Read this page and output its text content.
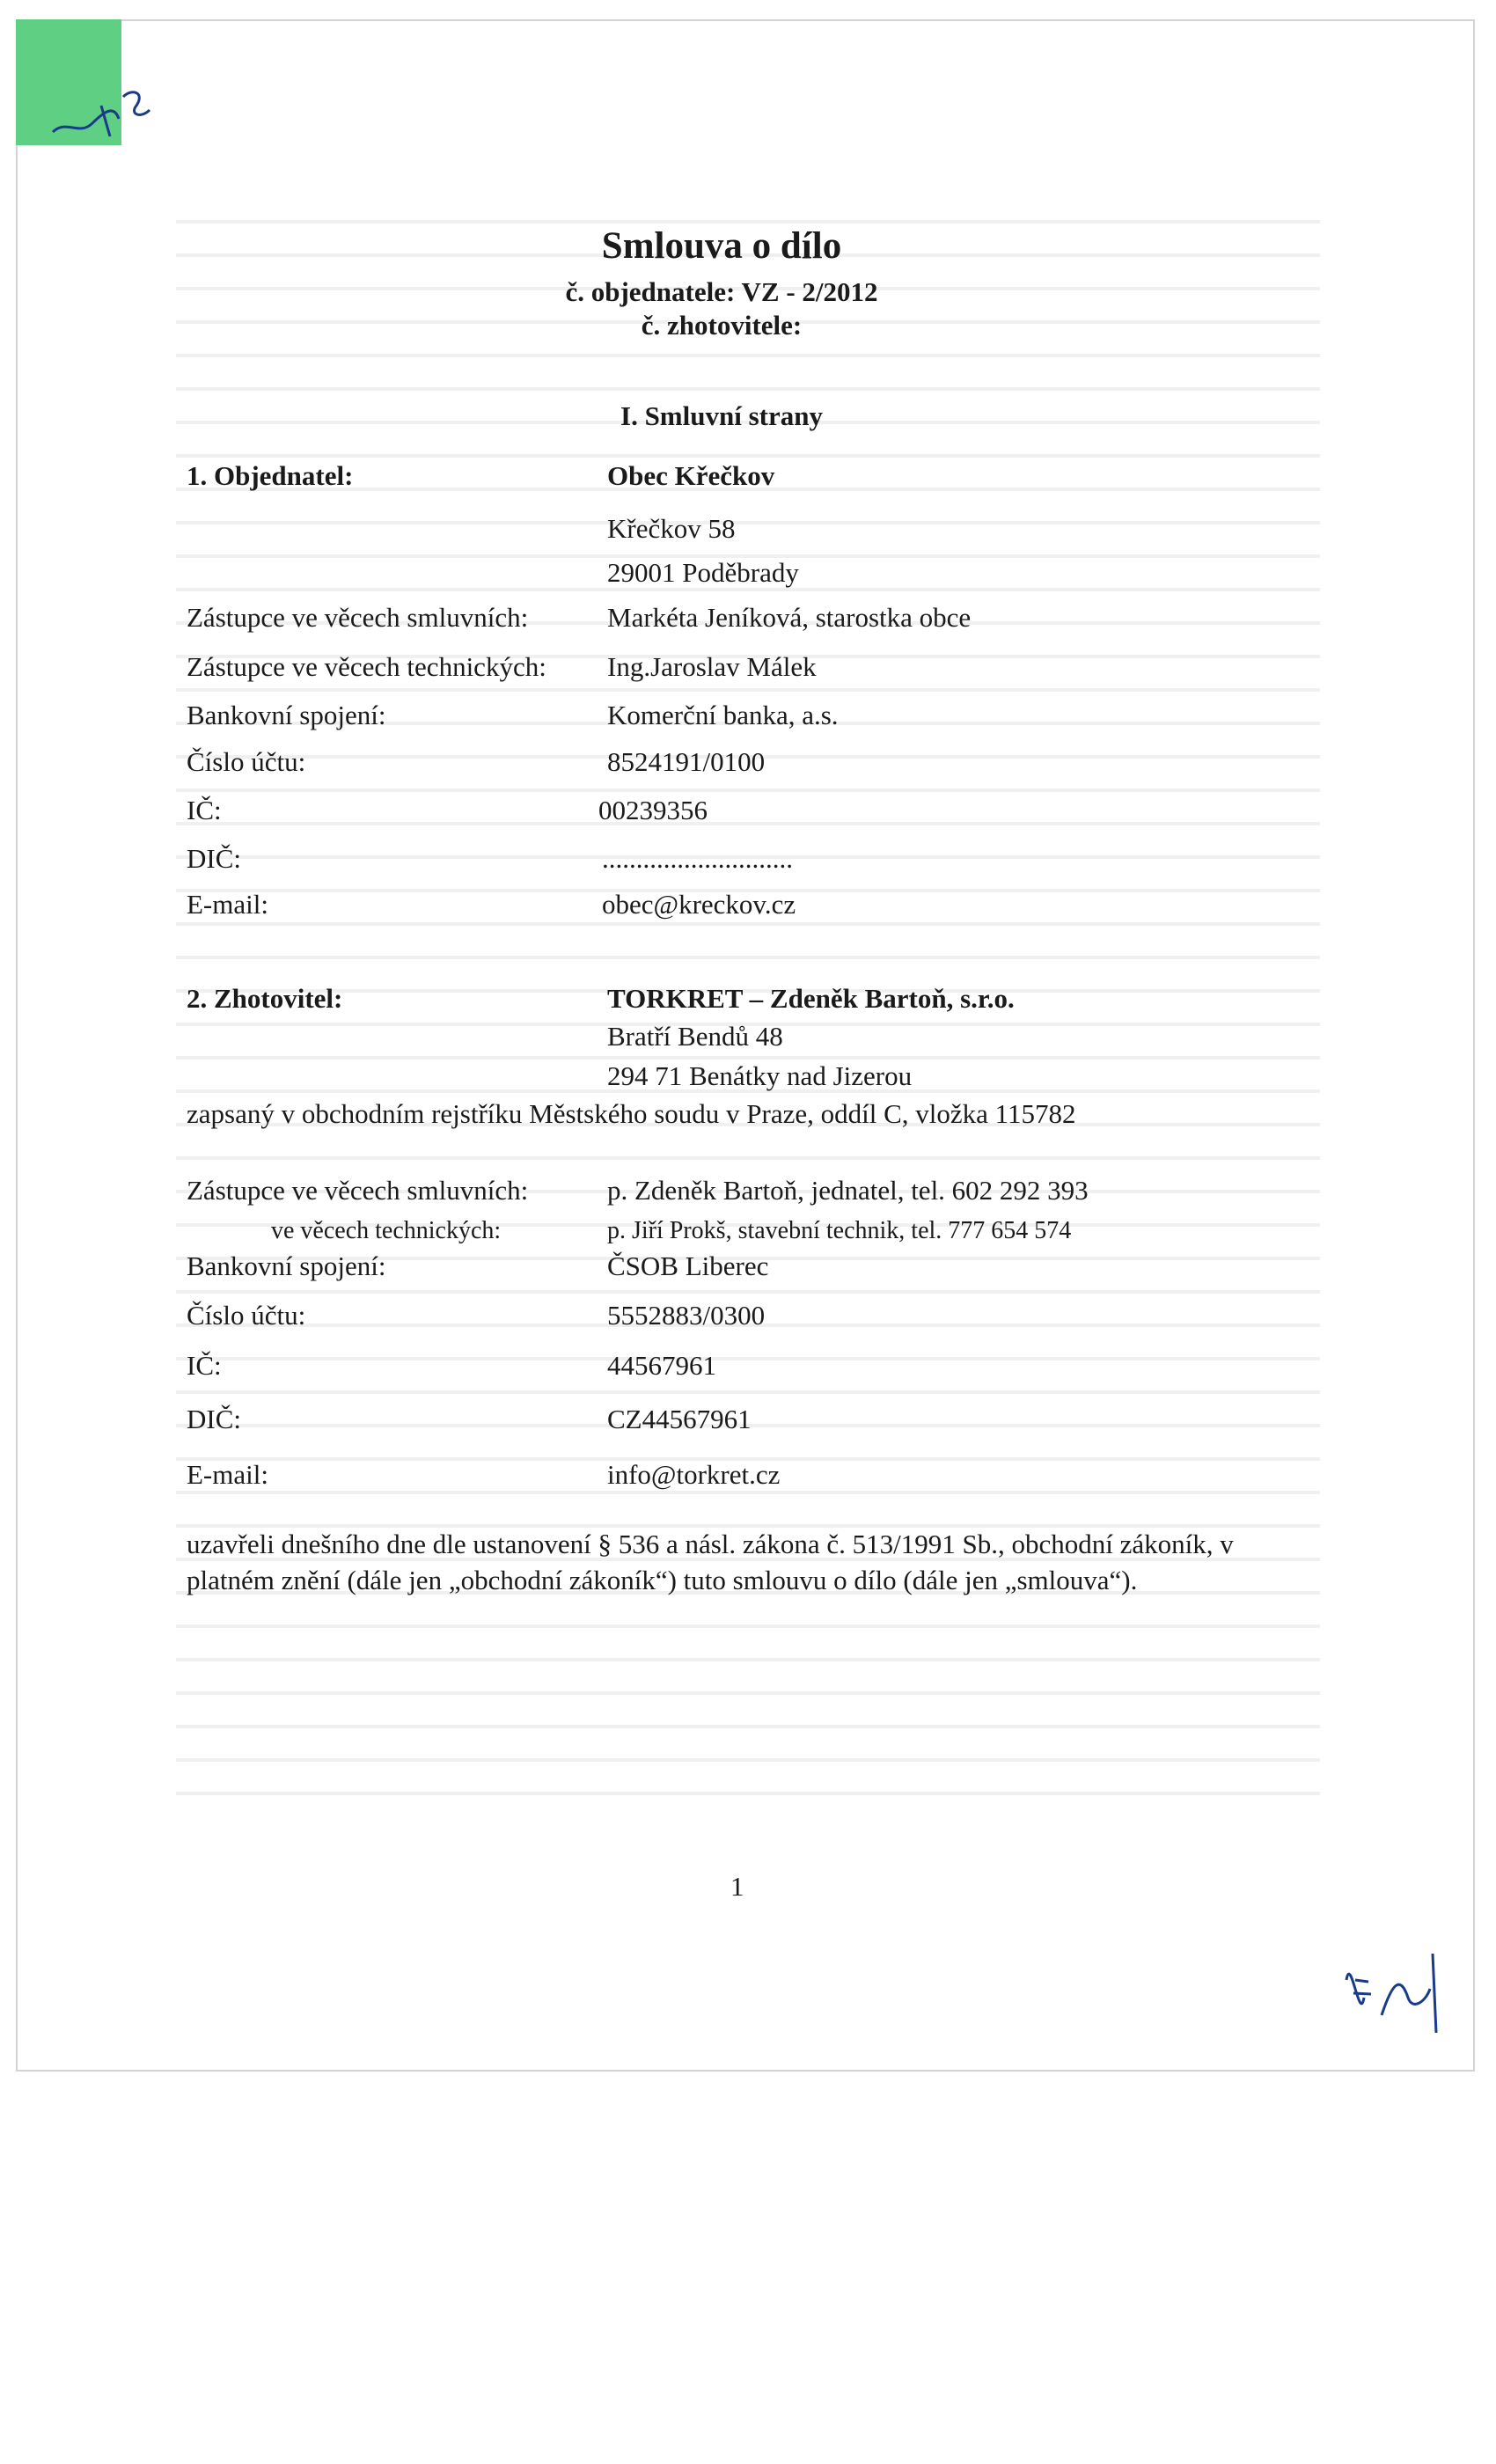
Smlouva o dílo
č. objednatele: VZ - 2/2012
č. zhotovitele:
I. Smluvní strany
1. Objednatel:	Obec Křečkov
Křečkov 58
29001 Poděbrady
Zástupce ve věcech smluvních:	Markéta Jeníková, starostka obce
Zástupce ve věcech technických: Ing.Jaroslav Málek
Bankovní spojení:	Komerční banka, a.s.
Číslo účtu:	8524191/0100
IČ:	00239356
DIČ:	............................
E-mail:	obec@kreckov.cz
2. Zhotovitel:	TORKRET – Zdeněk Bartoň, s.r.o.
Bratří Bendů 48
294 71 Benátky nad Jizerou
zapsaný v obchodním rejstříku Městského soudu v Praze, oddíl C, vložka 115782
Zástupce ve věcech smluvních:	p. Zdeněk Bartoň, jednatel, tel. 602 292 393
ve věcech technických:	p. Jiří Prokš, stavební technik, tel. 777 654 574
Bankovní spojení:	ČSOB Liberec
Číslo účtu:	5552883/0300
IČ:	44567961
DIČ:	CZ44567961
E-mail:	info@torkret.cz
uzavřeli dnešního dne dle ustanovení § 536 a násl. zákona č. 513/1991 Sb., obchodní zákoník, v
platném znění (dále jen „obchodní zákoník“) tuto smlouvu o dílo (dále jen „smlouva“).
1
